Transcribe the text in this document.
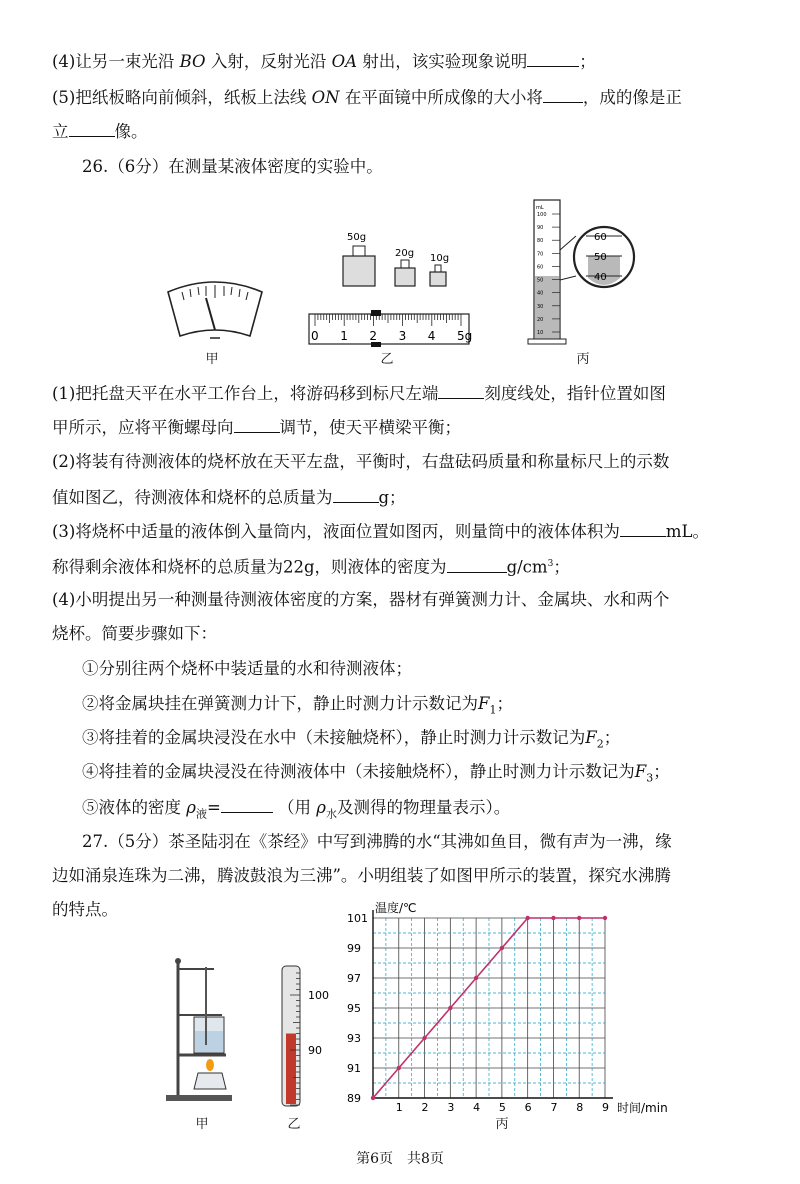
(4)让另一束光沿 BO 入射，反射光沿 OA 射出，该实验现象说明	；
(5)把纸板略向前倾斜，纸板上法线 ON 在平面镜中所成像的大小将 ，成的像是正
立	像。
26.（6分）在测量某液体密度的实验中。
甲
50g
20g 10g
0 1 2 3 4 5g
乙
mL
100
90
80
70
60
50
40
30
20
10
60
50
40
丙
(1)把托盘天平在水平工作台上，将游码移到标尺左端	刻度线处，指针位置如图
甲所示，应将平衡螺母向	调节，使天平横梁平衡；
(2)将装有待测液体的烧杯放在天平左盘，平衡时，右盘砝码质量和称量标尺上的示数
值如图乙，待测液体和烧杯的总质量为	g；
(3)将烧杯中适量的液体倒入量筒内，液面位置如图丙，则量筒中的液体体积为	mL。
称得剩余液体和烧杯的总质量为22g，则液体的密度为	$g/cm^3$；
(4)小明提出另一种测量待测液体密度的方案，器材有弹簧测力计、金属块、水和两个
烧杯。简要步骤如下：
①分别往两个烧杯中装适量的水和待测液体；
②将金属块挂在弹簧测力计下，静止时测力计示数记为$F_1$；
③将挂着的金属块浸没在水中（未接触烧杯），静止时测力计示数记为$F_2$；
④将挂着的金属块浸没在待测液体中（未接触烧杯），静止时测力计示数记为$F_3$；
⑤液体的密度 $\rho_液=$	（用 $\rho_水$及测得的物理量表示）。
27.（5分）茶圣陆羽在《茶经》中写到沸腾的水“其沸如鱼目，微有声为一沸，缘
边如涌泉连珠为二沸，腾波鼓浪为三沸”。小明组装了如图甲所示的装置，探究水沸腾
的特点。
甲
100
90
乙
1 2 3 4 5 6 7 8 9
89
91
93
95
97
99
101
温度/℃
时间/min
丙
第6页　共8页
